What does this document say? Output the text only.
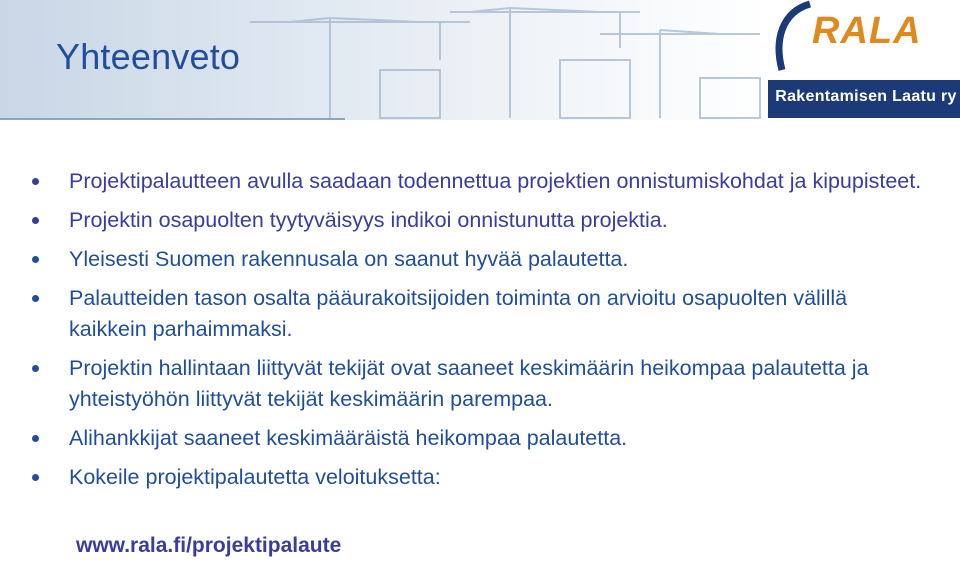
Yhteenveto
RALA
Rakentamisen Laatu ry
Projektipalautteen avulla saadaan todennettua projektien onnistumiskohdat ja kipupisteet.
Projektin osapuolten tyytyväisyys indikoi onnistunutta projektia.
Yleisesti Suomen rakennusala on saanut hyvää palautetta.
Palautteiden tason osalta pääurakoitsijoiden toiminta on arvioitu osapuolten välillä kaikkein parhaimmaksi.
Projektin hallintaan liittyvät tekijät ovat saaneet keskimäärin heikompaa palautetta ja yhteistyöhön liittyvät tekijät keskimäärin parempaa.
Alihankkijat saaneet keskimääräistä heikompaa palautetta.
Kokeile projektipalautetta veloituksetta:
www.rala.fi/projektipalaute
